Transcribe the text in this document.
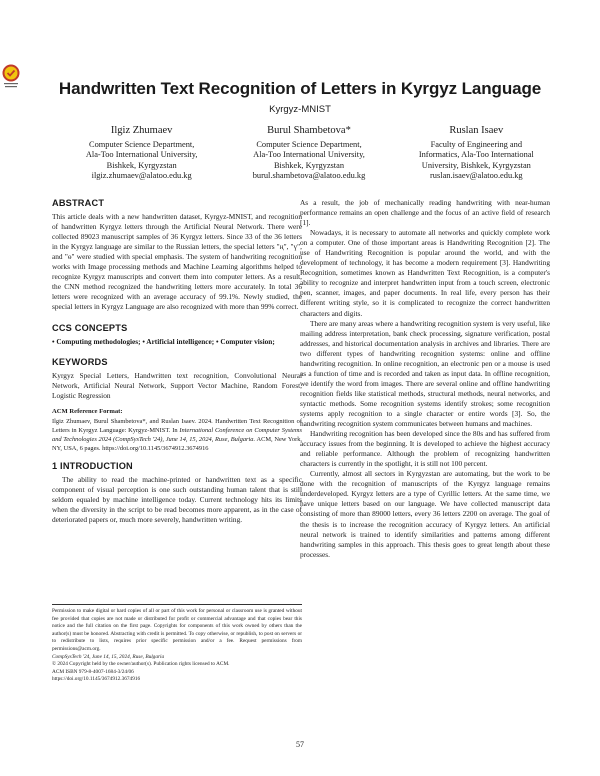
Handwritten Text Recognition of Letters in Kyrgyz Language
Kyrgyz-MNIST
Ilgiz Zhumaev
Computer Science Department,
Ala-Too International University,
Bishkek, Kyrgyzstan
ilgiz.zhumaev@alatoo.edu.kg
Burul Shambetova*
Computer Science Department,
Ala-Too International University,
Bishkek, Kyrgyzstan
burul.shambetova@alatoo.edu.kg
Ruslan Isaev
Faculty of Engineering and
Informatics, Ala-Too International
University, Bishkek, Kyrgyzstan
ruslan.isaev@alatoo.edu.kg
ABSTRACT

This article deals with a new handwritten dataset, Kyrgyz-MNIST, and recognition of handwritten Kyrgyz letters through the Artificial Neural Network. There were collected 89023 manuscript samples of 36 Kyrgyz letters. Since 33 of the 36 letters in the Kyrgyz language are similar to the Russian letters, the special letters "ң", "ү", and "ө" were studied with special emphasis. The system of handwriting recognition works with Image processing methods and Machine Learning algorithms helped to recognize Kyrgyz manuscripts and convert them into computer letters. As a result, the CNN method recognized the handwriting letters more accurately. In total 36 letters were recognized with an average accuracy of 99.1%. Newly studied, the special letters in Kyrgyz Language are also recognized with more than 99% correct.

CCS CONCEPTS
• Computing methodologies; • Artificial intelligence; • Computer vision;
KEYWORDS

Kyrgyz Special Letters, Handwritten text recognition, Convolutional Neural Network, Artificial Neural Network, Support Vector Machine, Random Forest, Logistic Regression

ACM Reference Format:
Ilgiz Zhumaev, Burul Shambetova*, and Ruslan Isaev. 2024. Handwritten Text Recognition of Letters in Kyrgyz Language: Kyrgyz-MNIST. In International Conference on Computer Systems and Technologies 2024 (CompSysTech '24), June 14, 15, 2024, Ruse, Bulgaria. ACM, New York, NY, USA, 6 pages. https://doi.org/10.1145/3674912.3674916
1 INTRODUCTION

The ability to read the machine-printed or handwritten text as a specific component of visual perception is one such outstanding human talent that is still seldom equaled by machine intelligence today. Current technology hits its limits when the diversity in the script to be read becomes more apparent, as in the case of deteriorated papers or, much more severely, handwritten writing.

Permission to make digital or hard copies of all or part of this work for personal or classroom use is granted without fee provided that copies are not made or distributed for profit or commercial advantage and that copies bear this notice and the full citation on the first page. Copyrights for components of this work owned by others than the author(s) must be honored. Abstracting with credit is permitted. To copy otherwise, or republish, to post on servers or to redistribute to lists, requires prior specific permission and/or a fee. Request permissions from permissions@acm.org.
CompSysTech '24, June 14, 15, 2024, Ruse, Bulgaria
© 2024 Copyright held by the owner/author(s). Publication rights licensed to ACM.
ACM ISBN 979-8-4007-1684-3/24/06
https://doi.org/10.1145/3674912.3674916

As a result, the job of mechanically reading handwriting with near-human performance remains an open challenge and the focus of an active field of research [1].

Nowadays, it is necessary to automate all networks and quickly complete work on a computer. One of those important areas is Handwriting Recognition [2]. The use of Handwriting Recognition is popular around the world, and with the development of technology, it has become a modern requirement [3]. Handwriting Recognition, sometimes known as Handwritten Text Recognition, is a computer's ability to recognize and interpret handwritten input from a touch screen, electronic pen, scanner, images, and paper documents. In real life, every person has their different writing style, so it is complicated to recognize the correct handwritten characters and digits.

There are many areas where a handwriting recognition system is very useful, like mailing address interpretation, bank check processing, signature verification, postal addresses, and historical documentation analysis in archives and libraries. There are two different types of handwriting recognition systems: online and offline handwriting recognition. In online recognition, an electronic pen or a mouse is used as a function of time and is recorded and taken as input data. In offline recognition, we identify the word from images. There are several online and offline handwriting recognition fields like statistical methods, structural methods, neural networks, and syntactic methods. Some recognition systems identify strokes; some recognition systems apply recognition to a single character or entire words [3]. So, the handwriting recognition system communicates between humans and machines.

Handwriting recognition has been developed since the 80s and has suffered from accuracy issues from the beginning. It is developed to achieve the highest accuracy and reliable performance. Although the problem of recognizing handwritten characters is currently in the spotlight, it is still not 100 percent.

Currently, almost all sectors in Kyrgyzstan are automating, but the work to be done with the recognition of manuscripts of the Kyrgyz language remains underdeveloped. Kyrgyz letters are a type of Cyrillic letters. At the same time, we have unique letters based on our language. We have collected manuscript data consisting of more than 89000 letters, every 36 letters 2200 on average. The goal of the thesis is to increase the recognition accuracy of Kyrgyz letters. An artificial neural network is trained to identify similarities and patterns among different handwriting samples in this approach. This thesis goes to great length about these processes.

57
